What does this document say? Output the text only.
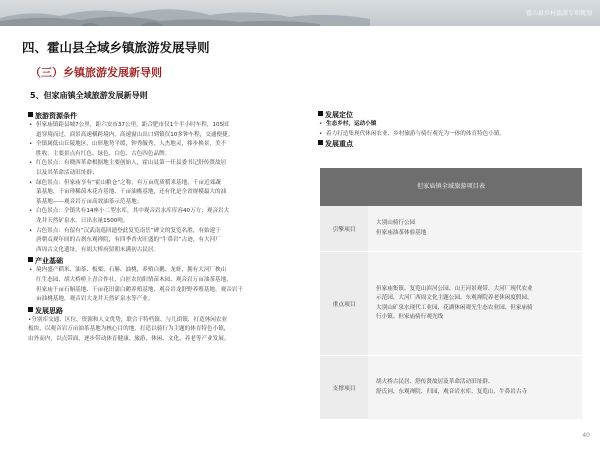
霍山县乡村旅游专项规划
四、霍山县全域乡镇旅游发展导则
（三）乡镇旅游发展新导则
5、但家庙镇全域旅游发展新导则
旅游资源条件
• 但家庙镇距县城7公里，距六安市37公里，距合肥市仅1个半小时车程，105国
道穿境而过，商景高速横跨境内，高速窗山出口到镇仅10多钟车程，交通便捷。
• 全镇属低山丘陵地区，山形地势平缓，钟秀毓秀，人杰地灵，移步换景，美不
胜收。主要景点有红色、绿色、白色、古色四色品牌。
• 红色景点：有晓西革命根据地主要创始人，霍山县第一任县委书记舒传贤故居
以及其革命活动旧址群；
• 绿色景点：但家庙享有“霍山粮仓”之称，有万亩优质稻米基地、千亩近郊蔬
菜基地、千亩珍稀茵木花卉基地、千亩油桃基地，还有化是全省规模最大的油
茶基地——观音岩万亩高效油茶示范基地；
• 白色景点：全镇共有14座小二型水库，其中观音岩水库库容40万方；观音岩大
龙井天然矿泉水，日出水量1500吨。
• 古色景点：有留有“汉武南巡回遗登此复览南岳”碑文的复览名胜，有始建于
唐朝贞观年间的古刹东观禅院，有四季香火旺盛的“牛鼻岩”古迹，有大河厂
西周古文化遗址，有胡大桥府留朝末满初古民居。
产业基础
• 境内盛产稻米、油茶、板栗、石斛、油桃，养殖白鹅、龙虾，拥有大河厂秧山
红生态园、胡大桥桥上青合作社、白匠农坊阳情苗木园、观音岩万亩油茶基地、
但家庙千亩石斛基地、千亩花田蒲白鹅养殖基地、观音岩龙舒野养殖基地、观音岩千
亩油桃基地，观音岩大龙井天然矿泉水等产业。
发展思路
•分别库交通、区位、资源和人文优势，联合干特档镇、与儿街镇，打造休闲农业
板块，以观音岩万亩油茶基地为核心目的地，打造以骑行为主题的体育特色小镇，
由外而内，以点带面，逐步带动体育健康、旅游、休闲、文化、养老等产业发展。
发展定位
• 生态乡村，运动小镇
• 着力打造集现代休闲农业、乡村旅游与骑行观光为一体的体育特色小镇。
发展重点
但家庙镇全域旅游项目表
引擎项目
大别山骑行公园
但家庙油茶体验基地
重点项目
但家庙集镇、复览山滨河公园、山王河景观带、大河厂现代农业
示范园、大河厂西周文化主题公园、东观禅院养老休闲度假园、
大别山矿泉水现代工业园、花湖休闲观光生态农业园、但家庙骑
行小镇、但家庙骑行观光线
支撑项目
胡大桥古民居、舒传贤故居及革命活动旧址群、
舒氏祠、东观禅院、归园、观音岩水库、复览山、牛鼻岩古寺
40
